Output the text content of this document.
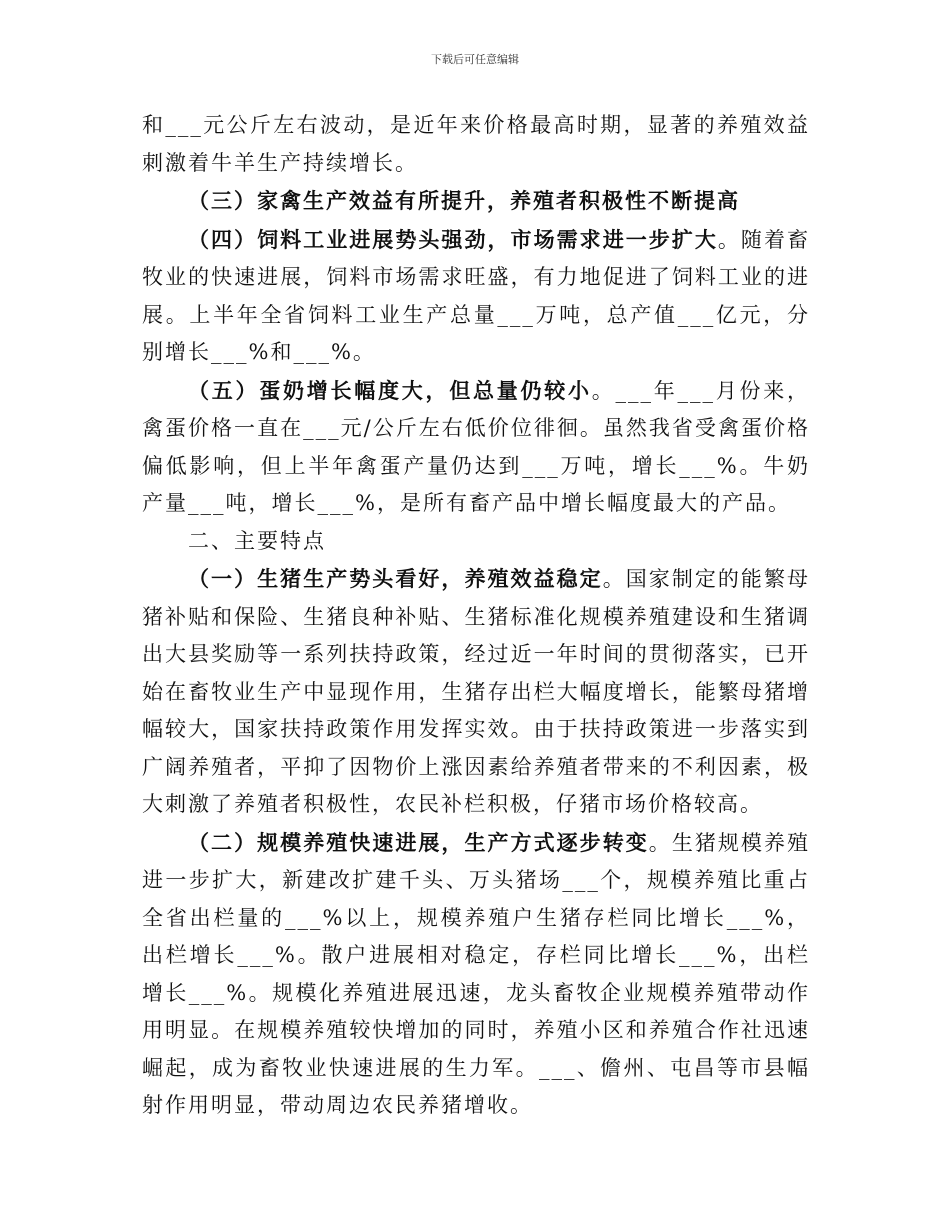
下载后可任意编辑

和___元公斤左右波动，是近年来价格最高时期，显著的养殖效益刺激着牛羊生产持续增长。

（三）家禽生产效益有所提升，养殖者积极性不断提高

（四）饲料工业进展势头强劲，市场需求进一步扩大。随着畜牧业的快速进展，饲料市场需求旺盛，有力地促进了饲料工业的进展。上半年全省饲料工业生产总量___万吨，总产值___亿元，分别增长___%和___%。

（五）蛋奶增长幅度大，但总量仍较小。___年___月份来，禽蛋价格一直在___元/公斤左右低价位徘徊。虽然我省受禽蛋价格偏低影响，但上半年禽蛋产量仍达到___万吨，增长___%。牛奶产量___吨，增长___%，是所有畜产品中增长幅度最大的产品。

二、主要特点

（一）生猪生产势头看好，养殖效益稳定。国家制定的能繁母猪补贴和保险、生猪良种补贴、生猪标准化规模养殖建设和生猪调出大县奖励等一系列扶持政策，经过近一年时间的贯彻落实，已开始在畜牧业生产中显现作用，生猪存出栏大幅度增长，能繁母猪增幅较大，国家扶持政策作用发挥实效。由于扶持政策进一步落实到广阔养殖者，平抑了因物价上涨因素给养殖者带来的不利因素，极大刺激了养殖者积极性，农民补栏积极，仔猪市场价格较高。

（二）规模养殖快速进展，生产方式逐步转变。生猪规模养殖进一步扩大，新建改扩建千头、万头猪场___个，规模养殖比重占全省出栏量的___%以上，规模养殖户生猪存栏同比增长___%，出栏增长___%。散户进展相对稳定，存栏同比增长___%，出栏增长___%。规模化养殖进展迅速，龙头畜牧企业规模养殖带动作用明显。在规模养殖较快增加的同时，养殖小区和养殖合作社迅速崛起，成为畜牧业快速进展的生力军。___、儋州、屯昌等市县幅射作用明显，带动周边农民养猪增收。
